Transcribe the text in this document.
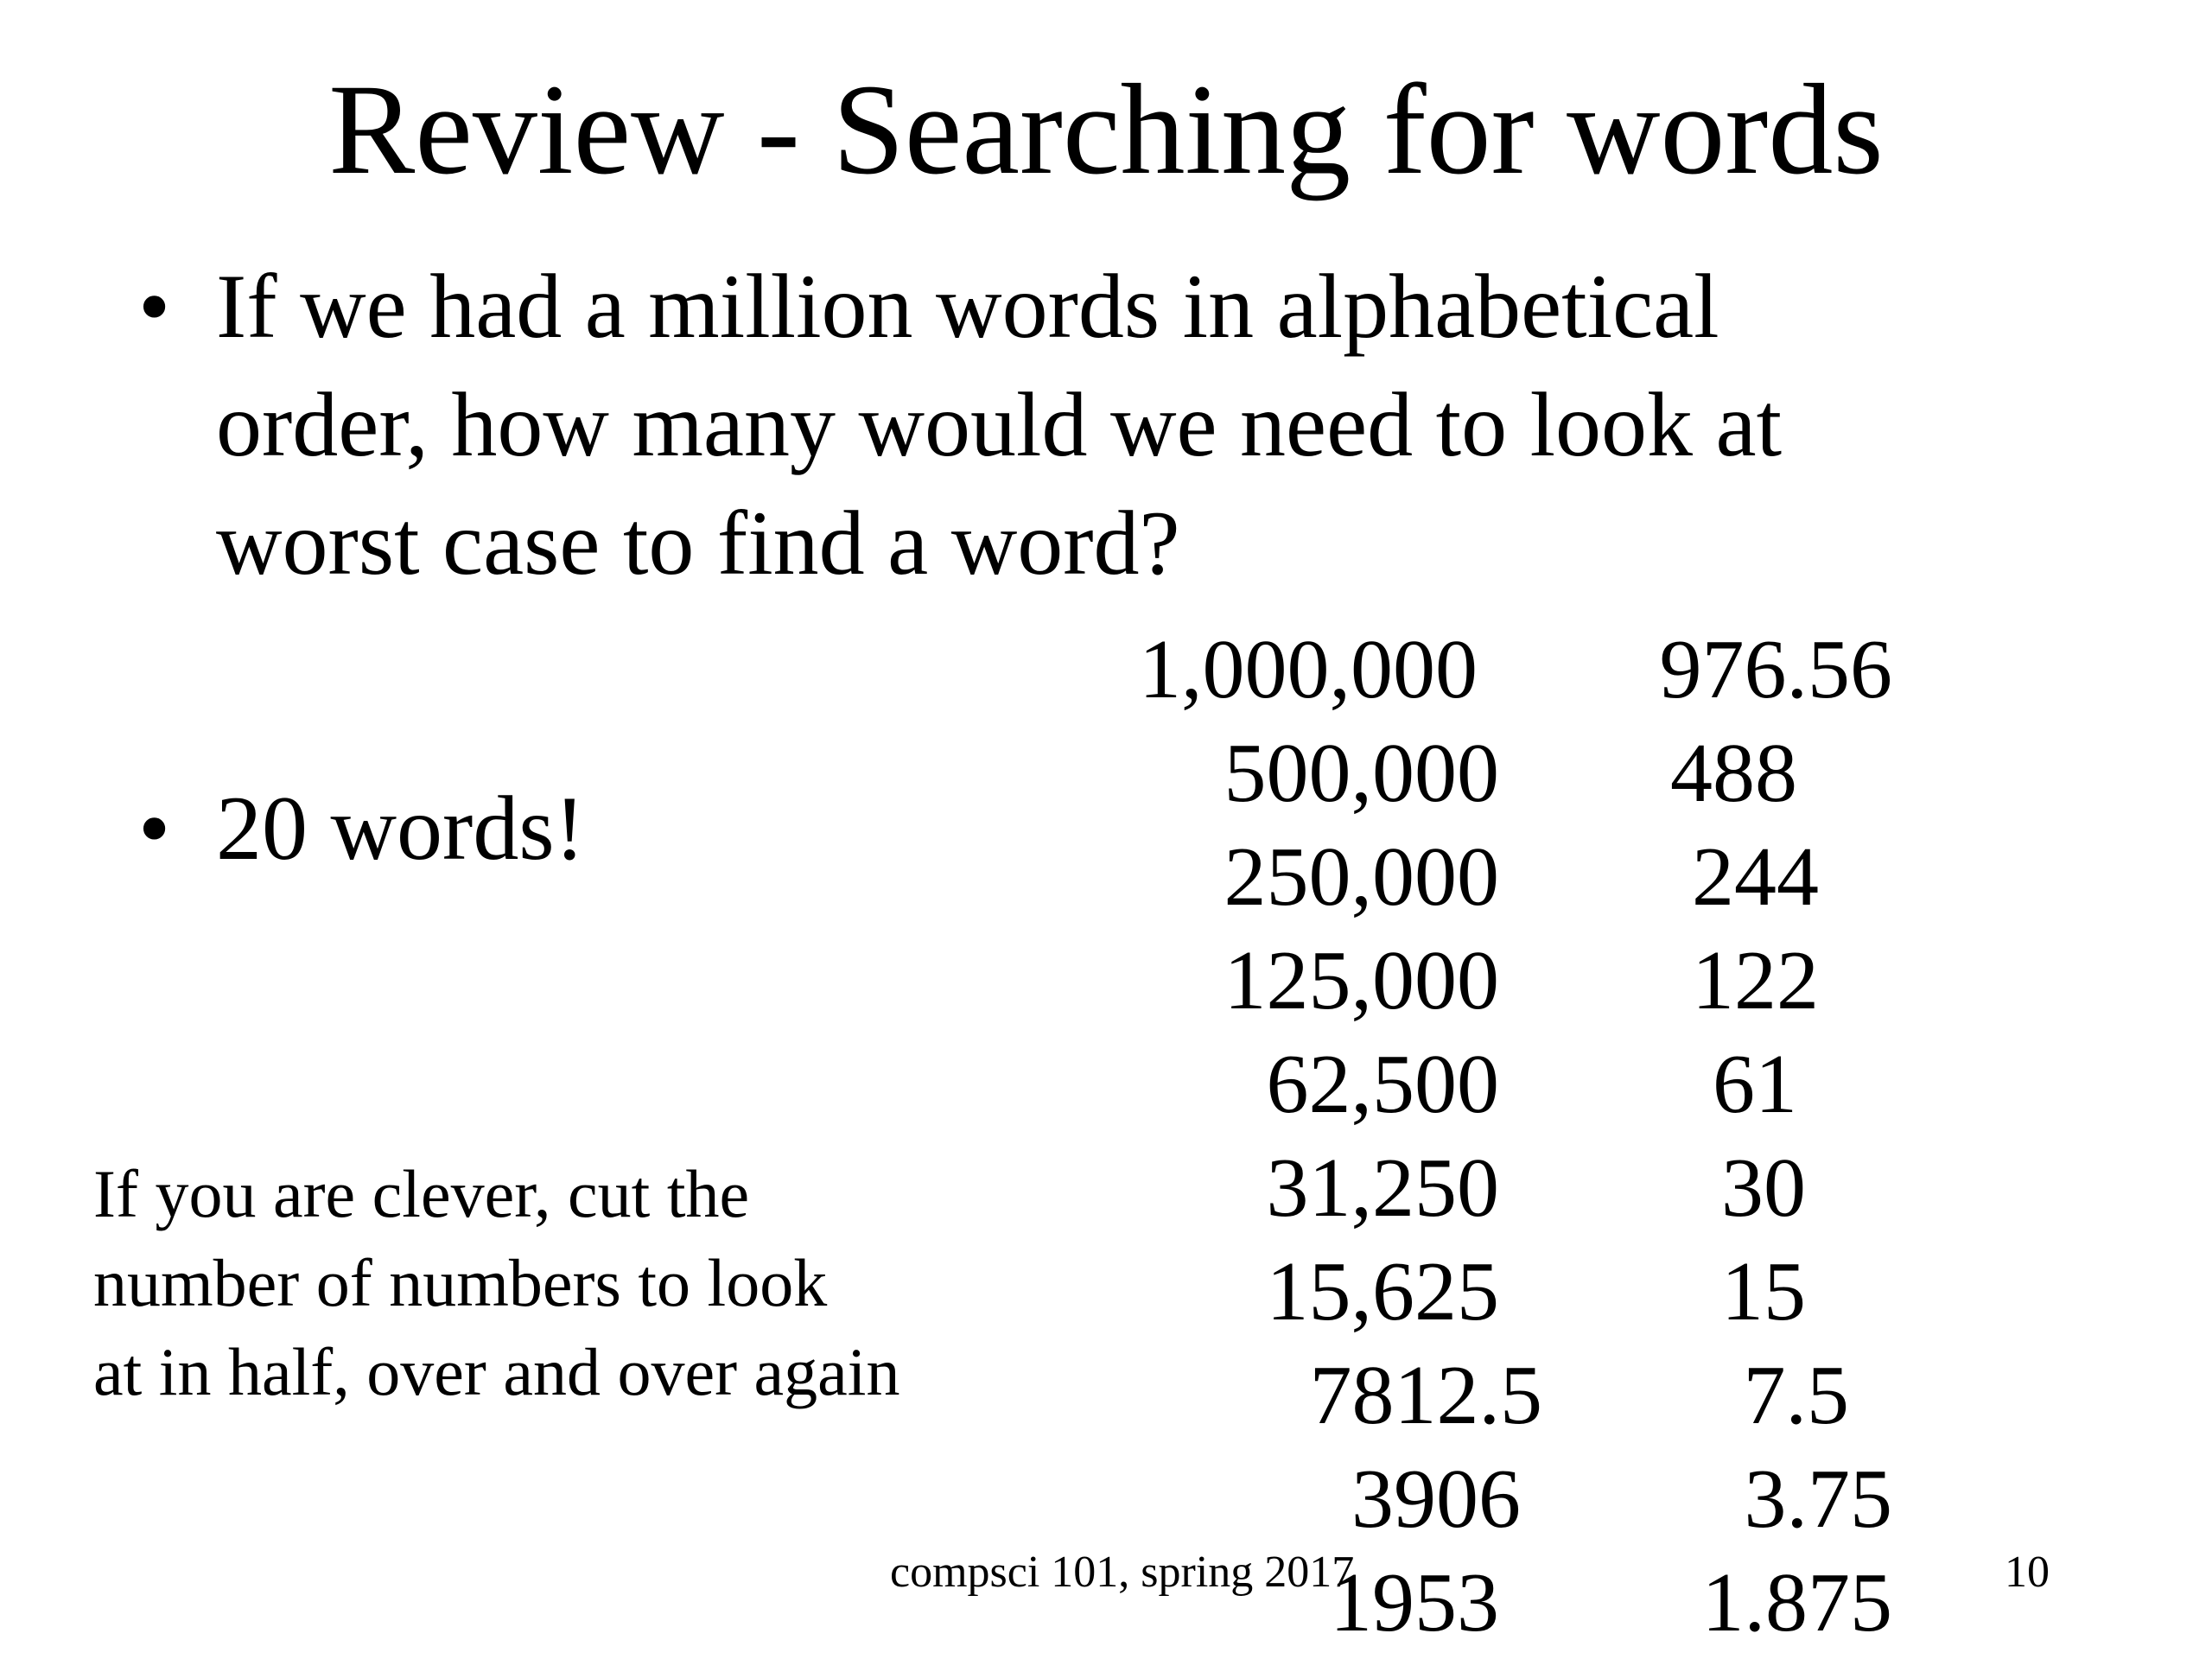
Review - Searching for words
• If we had a million words in alphabetical
order, how many would we need to look at
worst case to find a word?
• 20 words!
If you are clever, cut the
number of numbers to look
at in half, over and over again
1,000,000	976.56
500,000	488
250,000	244
125,000	122
62,500	61
31,250	30
15,625	15
7812.5	7.5
3906	3.75
1953	1.875
compsci 101, spring 2017	10
